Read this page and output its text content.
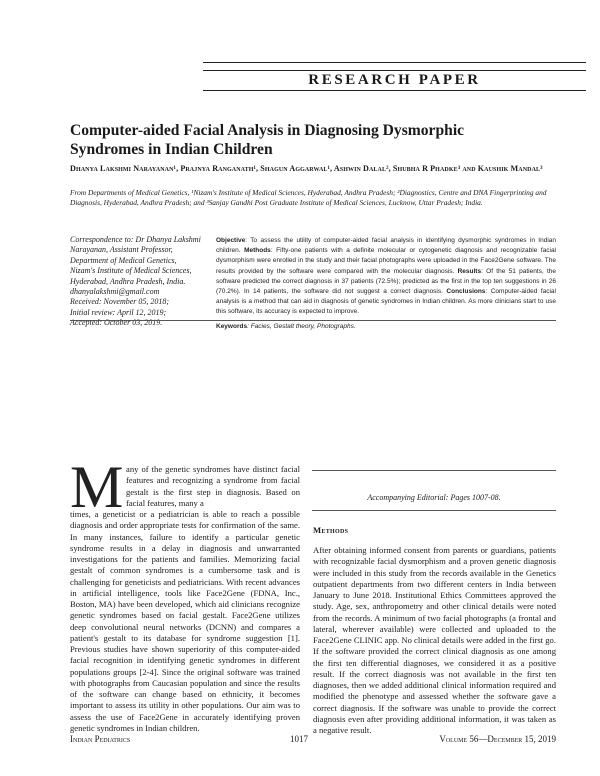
RESEARCH PAPER
Computer-aided Facial Analysis in Diagnosing Dysmorphic Syndromes in Indian Children
Dhanya Lakshmi Narayanan¹, Prajnya Ranganath¹, Shagun Aggarwal¹, Ashwin Dalal², Shubha R Phadke³ and Kaushik Mandal³
From Departments of Medical Genetics, ¹Nizam's Institute of Medical Sciences, Hyderabad, Andhra Pradesh; ²Diagnostics, Centre and DNA Fingerprinting and Diagnosis, Hyderabad, Andhra Pradesh; and ³Sanjay Gandhi Post Graduate Institute of Medical Sciences, Lucknow, Uttar Pradesh; India.
Correspondence to: Dr Dhanya Lakshmi Narayanan, Assistant Professor, Department of Medical Genetics, Nizam's Institute of Medical Sciences, Hyderabad, Andhra Pradesh, India.
dhanyalakshmi@gmail.com
Received: November 05, 2018;
Initial review: April 12, 2019;
Accepted: October 03, 2019.
Objective: To assess the utility of computer-aided facial analysis in identifying dysmorphic syndromes in Indian children. Methods: Fifty-one patients with a definite molecular or cytogenetic diagnosis and recognizable facial dysmorphism were enrolled in the study and their facial photographs were uploaded in the Face2Gene software. The results provided by the software were compared with the molecular diagnosis. Results: Of the 51 patients, the software predicted the correct diagnosis in 37 patients (72.5%); predicted as the first in the top ten suggestions in 26 (70.2%). In 14 patients, the software did not suggest a correct diagnosis. Conclusions: Computer-aided facial analysis is a method that can aid in diagnosis of genetic syndromes in Indian children. As more clinicians start to use this software, its accuracy is expected to improve.
Keywords: Facies, Gestalt theory, Photographs.
M any of the genetic syndromes have distinct facial features and recognizing a syndrome from facial gestalt is the first step in diagnosis. Based on facial features, many a
times, a geneticist or a pediatrician is able to reach a possible diagnosis and order appropriate tests for confirmation of the same. In many instances, failure to identify a particular genetic syndrome results in a delay in diagnosis and unwarranted investigations for the patients and families. Memorizing facial gestalt of common syndromes is a cumbersome task and is challenging for geneticists and pediatricians. With recent advances in artificial intelligence, tools like Face2Gene (FDNA, Inc., Boston, MA) have been developed, which aid clinicians recognize genetic syndromes based on facial gestalt. Face2Gene utilizes deep convolutional neural networks (DCNN) and compares a patient's gestalt to its database for syndrome suggestion [1]. Previous studies have shown superiority of this computer-aided facial recognition in identifying genetic syndromes in different populations groups [2-4]. Since the original software was trained with photographs from Caucasian population and since the results of the software can change based on ethnicity, it becomes important to assess its utility in other populations. Our aim was to assess the use of Face2Gene in accurately identifying proven genetic syndromes in Indian children.
Accompanying Editorial: Pages 1007-08.
Methods
After obtaining informed consent from parents or guardians, patients with recognizable facial dysmorphism and a proven genetic diagnosis were included in this study from the records available in the Genetics outpatient departments from two different centers in India between January to June 2018. Institutional Ethics Committees approved the study. Age, sex, anthropometry and other clinical details were noted from the records. A minimum of two facial photographs (a frontal and lateral, wherever available) were collected and uploaded to the Face2Gene CLINIC app. No clinical details were added in the first go. If the software provided the correct clinical diagnosis as one among the first ten differential diagnoses, we considered it as a positive result. If the correct diagnosis was not available in the first ten diagnoses, then we added additional clinical information required and modified the phenotype and assessed whether the software gave a correct diagnosis. If the software was unable to provide the correct diagnosis even after providing additional information, it was taken as a negative result.
Indian Pediatrics	1017	Volume 56—December 15, 2019
